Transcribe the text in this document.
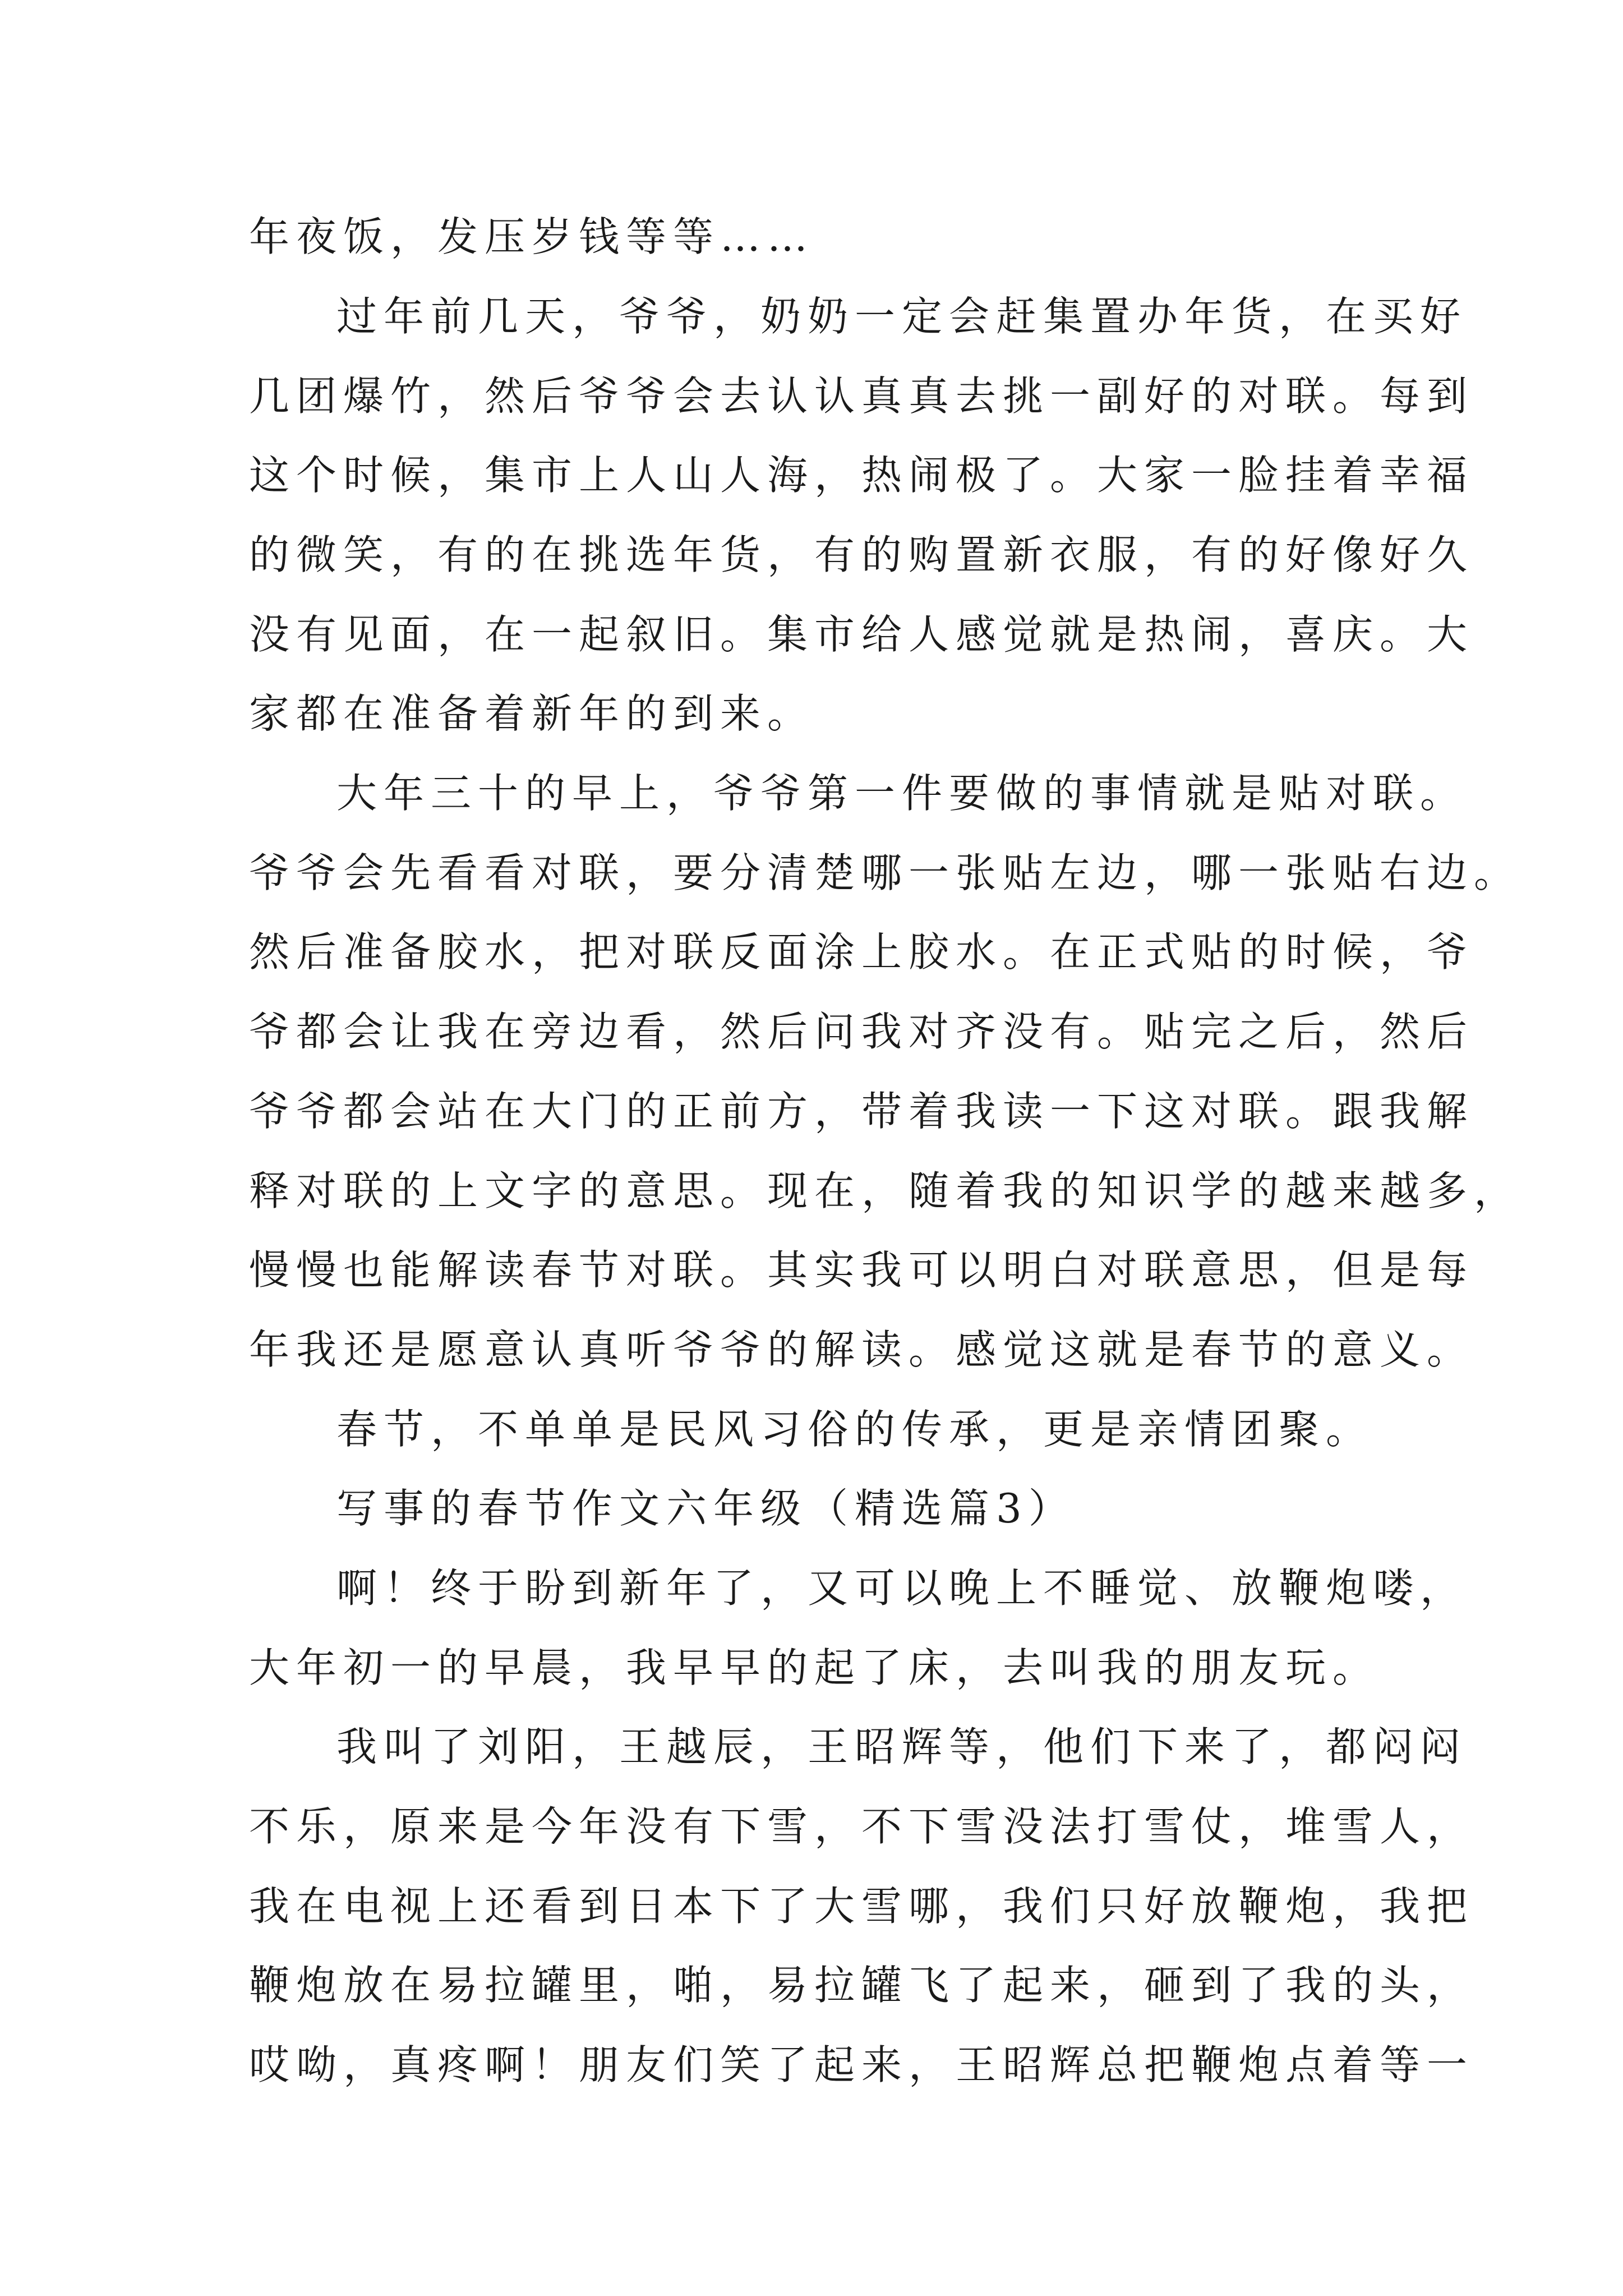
年夜饭，发压岁钱等等……
过年前几天，爷爷，奶奶一定会赶集置办年货，在买好
几团爆竹，然后爷爷会去认认真真去挑一副好的对联。每到
这个时候，集市上人山人海，热闹极了。大家一脸挂着幸福
的微笑，有的在挑选年货，有的购置新衣服，有的好像好久
没有见面，在一起叙旧。集市给人感觉就是热闹，喜庆。大
家都在准备着新年的到来。
大年三十的早上，爷爷第一件要做的事情就是贴对联。
爷爷会先看看对联，要分清楚哪一张贴左边，哪一张贴右边。
然后准备胶水，把对联反面涂上胶水。在正式贴的时候，爷
爷都会让我在旁边看，然后问我对齐没有。贴完之后，然后
爷爷都会站在大门的正前方，带着我读一下这对联。跟我解
释对联的上文字的意思。现在，随着我的知识学的越来越多，
慢慢也能解读春节对联。其实我可以明白对联意思，但是每
年我还是愿意认真听爷爷的解读。感觉这就是春节的意义。
春节，不单单是民风习俗的传承，更是亲情团聚。
写事的春节作文六年级（精选篇3）
啊！终于盼到新年了，又可以晚上不睡觉、放鞭炮喽，
大年初一的早晨，我早早的起了床，去叫我的朋友玩。
我叫了刘阳，王越辰，王昭辉等，他们下来了，都闷闷
不乐，原来是今年没有下雪，不下雪没法打雪仗，堆雪人，
我在电视上还看到日本下了大雪哪，我们只好放鞭炮，我把
鞭炮放在易拉罐里，啪，易拉罐飞了起来，砸到了我的头，
哎呦，真疼啊！朋友们笑了起来，王昭辉总把鞭炮点着等一
